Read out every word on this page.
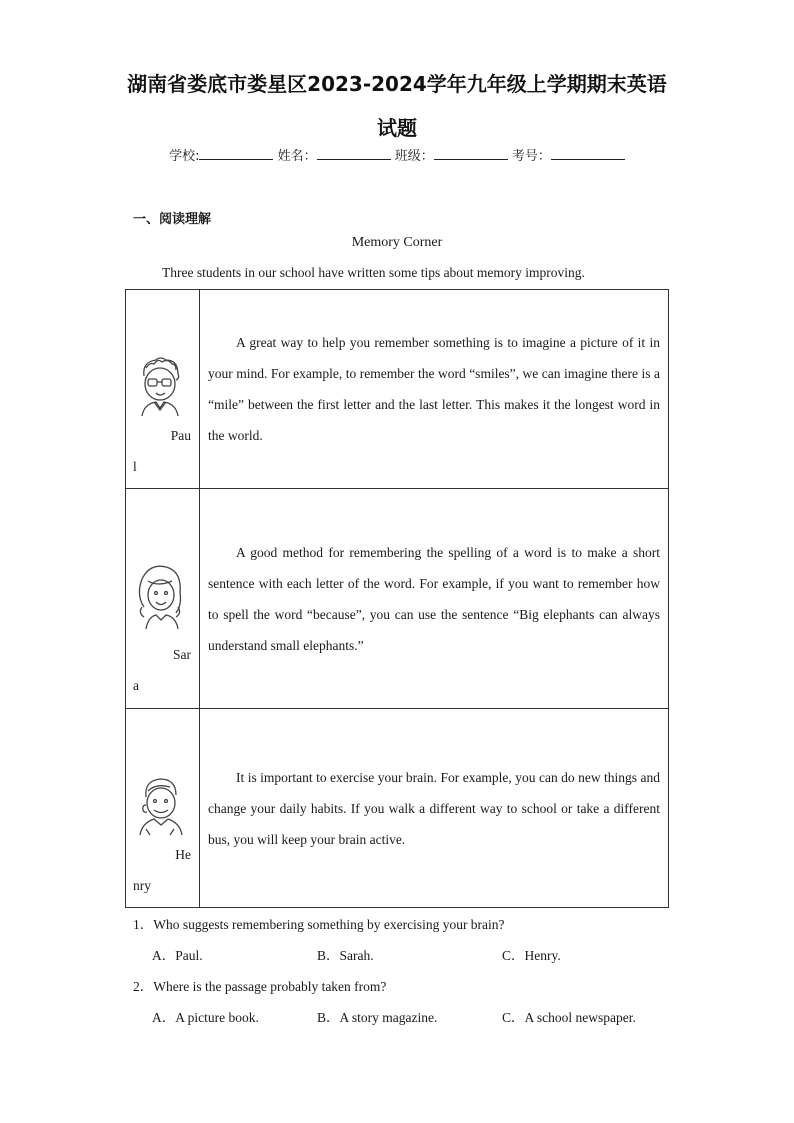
湖南省娄底市娄星区2023-2024学年九年级上学期期末英语
试题
学校:	姓名：	班级：	考号：
一、阅读理解
Memory Corner
Three students in our school have written some tips about memory improving.
Pau
l	A great way to help you remember something is to imagine a picture of it in your mind. For example, to remember the word “smiles”, we can imagine there is a “mile” between the first letter and the last letter. This makes it the longest word in the world.

Sar
a	A good method for remembering the spelling of a word is to make a short sentence with each letter of the word. For example, if you want to remember how to spell the word “because”, you can use the sentence “Big elephants can always understand small elephants.”

He
nry	It is important to exercise your brain. For example, you can do new things and change your daily habits. If you walk a different way to school or take a different bus, you will keep your brain active.
1．Who suggests remembering something by exercising your brain?
A．Paul.	B．Sarah.	C．Henry.
2．Where is the passage probably taken from?
A．A picture book.	B．A story magazine.	C．A school newspaper.
